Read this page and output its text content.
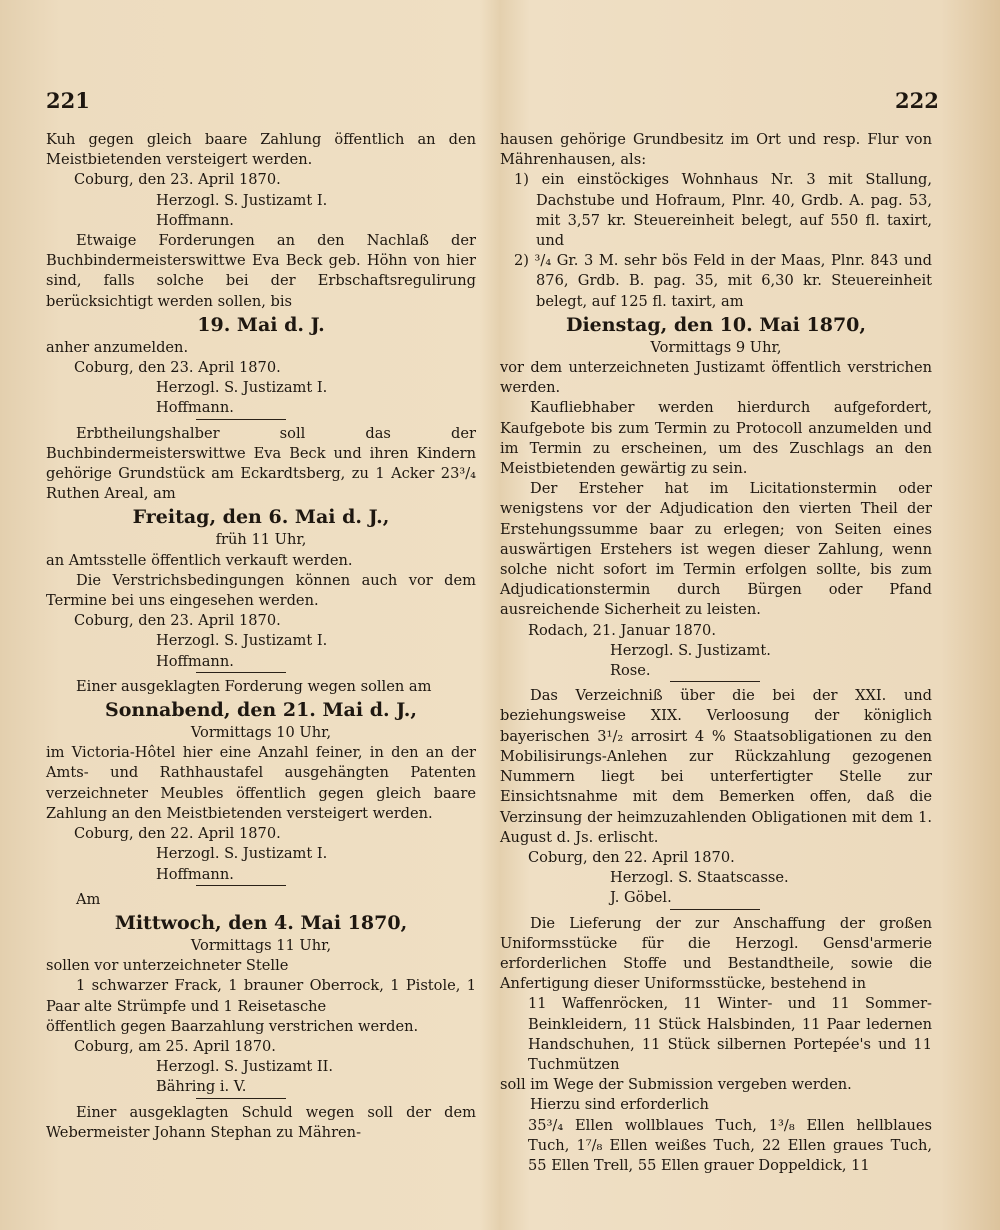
221	222

Kuh gegen gleich baare Zahlung öffentlich an den Meistbietenden versteigert werden.

Coburg, den 23. April 1870.

Herzogl. S. Justizamt I.

Hoffmann.

Etwaige Forderungen an den Nachlaß der Buchbindermeisterswittwe Eva Beck geb. Höhn von hier sind, falls solche bei der Erbschaftsregulirung berücksichtigt werden sollen, bis

19. Mai d. J.

anher anzumelden.

Coburg, den 23. April 1870.

Herzogl. S. Justizamt I.

Hoffmann.

Erbtheilungshalber soll das der Buchbindermeisterswittwe Eva Beck und ihren Kindern gehörige Grundstück am Eckardtsberg, zu 1 Acker 23³/₄ Ruthen Areal, am

Freitag, den 6. Mai d. J.,

früh 11 Uhr,

an Amtsstelle öffentlich verkauft werden.

Die Verstrichsbedingungen können auch vor dem Termine bei uns eingesehen werden.

Coburg, den 23. April 1870.

Herzogl. S. Justizamt I.

Hoffmann.

Einer ausgeklagten Forderung wegen sollen am

Sonnabend, den 21. Mai d. J.,

Vormittags 10 Uhr,

im Victoria-Hôtel hier eine Anzahl feiner, in den an der Amts- und Rathhaustafel ausgehängten Patenten verzeichneter Meubles öffentlich gegen gleich baare Zahlung an den Meistbietenden versteigert werden.

Coburg, den 22. April 1870.

Herzogl. S. Justizamt I.

Hoffmann.

Am

Mittwoch, den 4. Mai 1870,

Vormittags 11 Uhr,

sollen vor unterzeichneter Stelle

1 schwarzer Frack, 1 brauner Oberrock, 1 Pistole, 1 Paar alte Strümpfe und 1 Reisetasche

öffentlich gegen Baarzahlung verstrichen werden.

Coburg, am 25. April 1870.

Herzogl. S. Justizamt II.

Bähring i. V.

Einer ausgeklagten Schuld wegen soll der dem Webermeister Johann Stephan zu Mähren-

hausen gehörige Grundbesitz im Ort und resp. Flur von Mährenhausen, als:

1) ein einstöckiges Wohnhaus Nr. 3 mit Stallung, Dachstube und Hofraum, Plnr. 40, Grdb. A. pag. 53, mit 3,57 kr. Steuereinheit belegt, auf 550 fl. taxirt, und

2) ³/₄ Gr. 3 M. sehr bös Feld in der Maas, Plnr. 843 und 876, Grdb. B. pag. 35, mit 6,30 kr. Steuereinheit belegt, auf 125 fl. taxirt, am

Dienstag, den 10. Mai 1870,

Vormittags 9 Uhr,

vor dem unterzeichneten Justizamt öffentlich verstrichen werden.

Kaufliebhaber werden hierdurch aufgefordert, Kaufgebote bis zum Termin zu Protocoll anzumelden und im Termin zu erscheinen, um des Zuschlags an den Meistbietenden gewärtig zu sein.

Der Ersteher hat im Licitationstermin oder wenigstens vor der Adjudication den vierten Theil der Erstehungssumme baar zu erlegen; von Seiten eines auswärtigen Erstehers ist wegen dieser Zahlung, wenn solche nicht sofort im Termin erfolgen sollte, bis zum Adjudicationstermin durch Bürgen oder Pfand ausreichende Sicherheit zu leisten.

Rodach, 21. Januar 1870.

Herzogl. S. Justizamt.

Rose.

Das Verzeichniß über die bei der XXI. und beziehungsweise XIX. Verloosung der königlich bayerischen 3¹/₂ arrosirt 4 % Staatsobligationen zu den Mobilisirungs-Anlehen zur Rückzahlung gezogenen Nummern liegt bei unterfertigter Stelle zur Einsichtsnahme mit dem Bemerken offen, daß die Verzinsung der heimzuzahlenden Obligationen mit dem 1. August d. Js. erlischt.

Coburg, den 22. April 1870.

Herzogl. S. Staatscasse.

J. Göbel.

Die Lieferung der zur Anschaffung der großen Uniformsstücke für die Herzogl. Gensd'armerie erforderlichen Stoffe und Bestandtheile, sowie die Anfertigung dieser Uniformsstücke, bestehend in

11 Waffenröcken, 11 Winter- und 11 Sommer-Beinkleidern, 11 Stück Halsbinden, 11 Paar ledernen Handschuhen, 11 Stück silbernen Portepée's und 11 Tuchmützen

soll im Wege der Submission vergeben werden.

Hierzu sind erforderlich

35³/₄ Ellen wollblaues Tuch, 1³/₈ Ellen hellblaues Tuch, 1⁷/₈ Ellen weißes Tuch, 22 Ellen graues Tuch, 55 Ellen Trell, 55 Ellen grauer Doppeldick, 11
